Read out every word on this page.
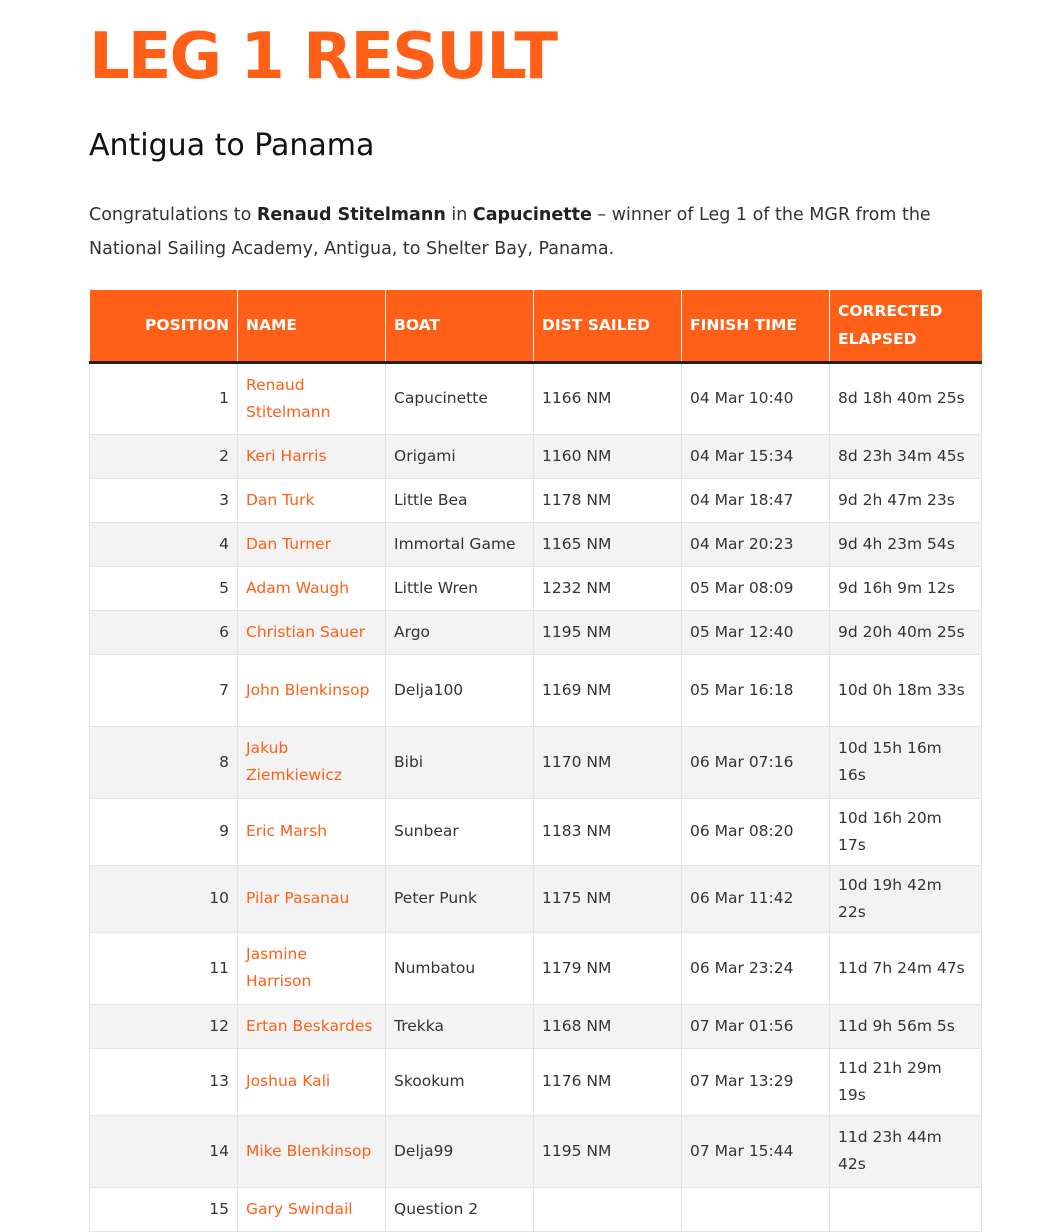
LEG 1 RESULT
Antigua to Panama

Congratulations to Renaud Stitelmann in Capucinette – winner of Leg 1 of the MGR from the National Sailing Academy, Antigua, to Shelter Bay, Panama.

POSITION	NAME	BOAT	DIST SAILED	FINISH TIME	CORRECTED ELAPSED
1	Renaud Stitelmann	Capucinette	1166 NM	04 Mar 10:40	8d 18h 40m 25s
2	Keri Harris	Origami	1160 NM	04 Mar 15:34	8d 23h 34m 45s
3	Dan Turk	Little Bea	1178 NM	04 Mar 18:47	9d 2h 47m 23s
4	Dan Turner	Immortal Game	1165 NM	04 Mar 20:23	9d 4h 23m 54s
5	Adam Waugh	Little Wren	1232 NM	05 Mar 08:09	9d 16h 9m 12s
6	Christian Sauer	Argo	1195 NM	05 Mar 12:40	9d 20h 40m 25s
7	John Blenkinsop	Delja100	1169 NM	05 Mar 16:18	10d 0h 18m 33s
8	Jakub Ziemkiewicz	Bibi	1170 NM	06 Mar 07:16	10d 15h 16m 16s
9	Eric Marsh	Sunbear	1183 NM	06 Mar 08:20	10d 16h 20m 17s
10	Pilar Pasanau	Peter Punk	1175 NM	06 Mar 11:42	10d 19h 42m 22s
11	Jasmine Harrison	Numbatou	1179 NM	06 Mar 23:24	11d 7h 24m 47s
12	Ertan Beskardes	Trekka	1168 NM	07 Mar 01:56	11d 9h 56m 5s
13	Joshua Kali	Skookum	1176 NM	07 Mar 13:29	11d 21h 29m 19s
14	Mike Blenkinsop	Delja99	1195 NM	07 Mar 15:44	11d 23h 44m 42s
15	Gary Swindail	Question 2			
